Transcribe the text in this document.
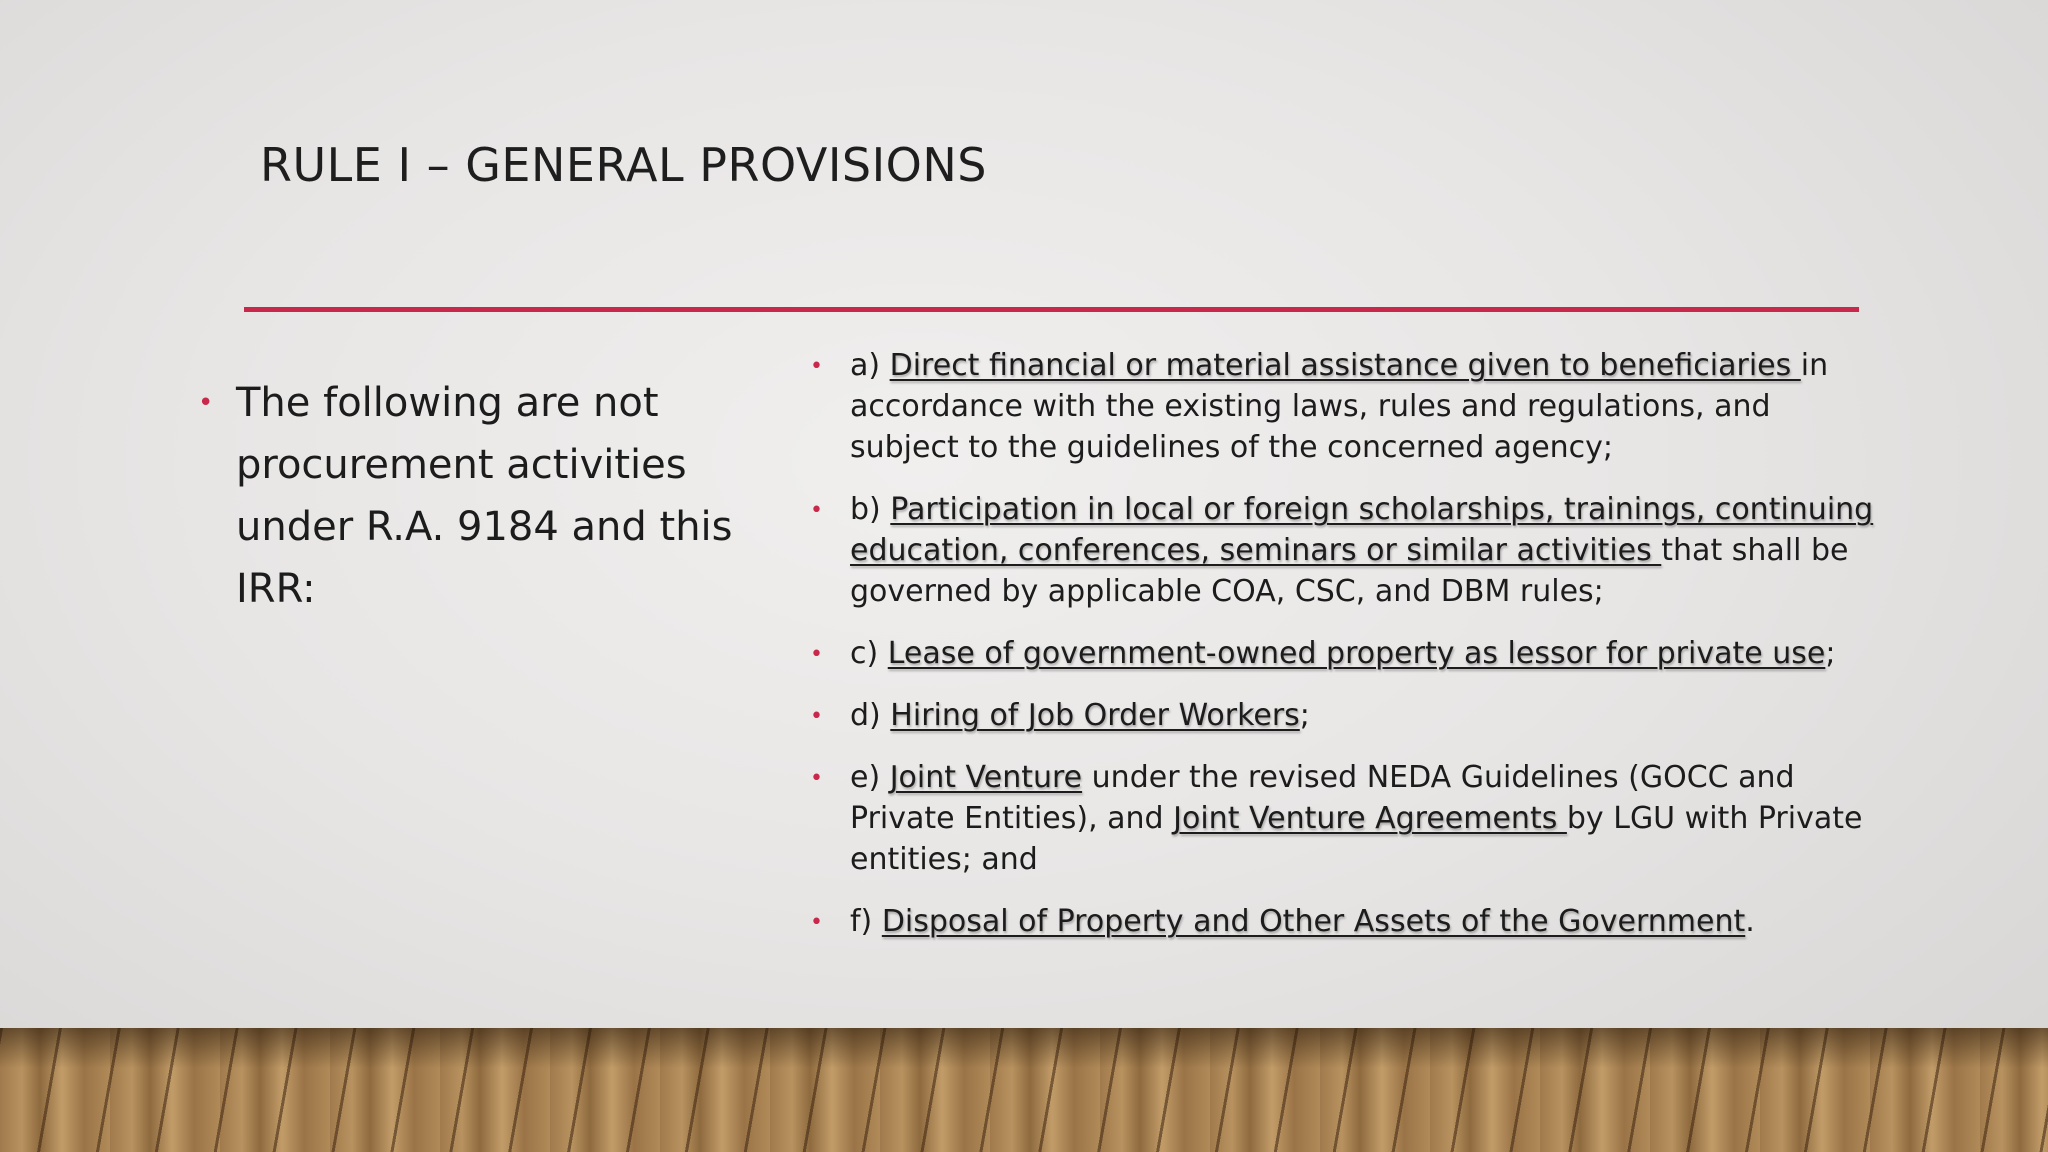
RULE I – GENERAL PROVISIONS
• The following are not procurement activities under R.A. 9184 and this IRR:
• a) Direct financial or material assistance given to beneficiaries in accordance with the existing laws, rules and regulations, and subject to the guidelines of the concerned agency;
• b) Participation in local or foreign scholarships, trainings, continuing education, conferences, seminars or similar activities that shall be governed by applicable COA, CSC, and DBM rules;
• c) Lease of government-owned property as lessor for private use;
• d) Hiring of Job Order Workers;
• e) Joint Venture under the revised NEDA Guidelines (GOCC and Private Entities), and Joint Venture Agreements by LGU with Private entities; and
• f) Disposal of Property and Other Assets of the Government.
